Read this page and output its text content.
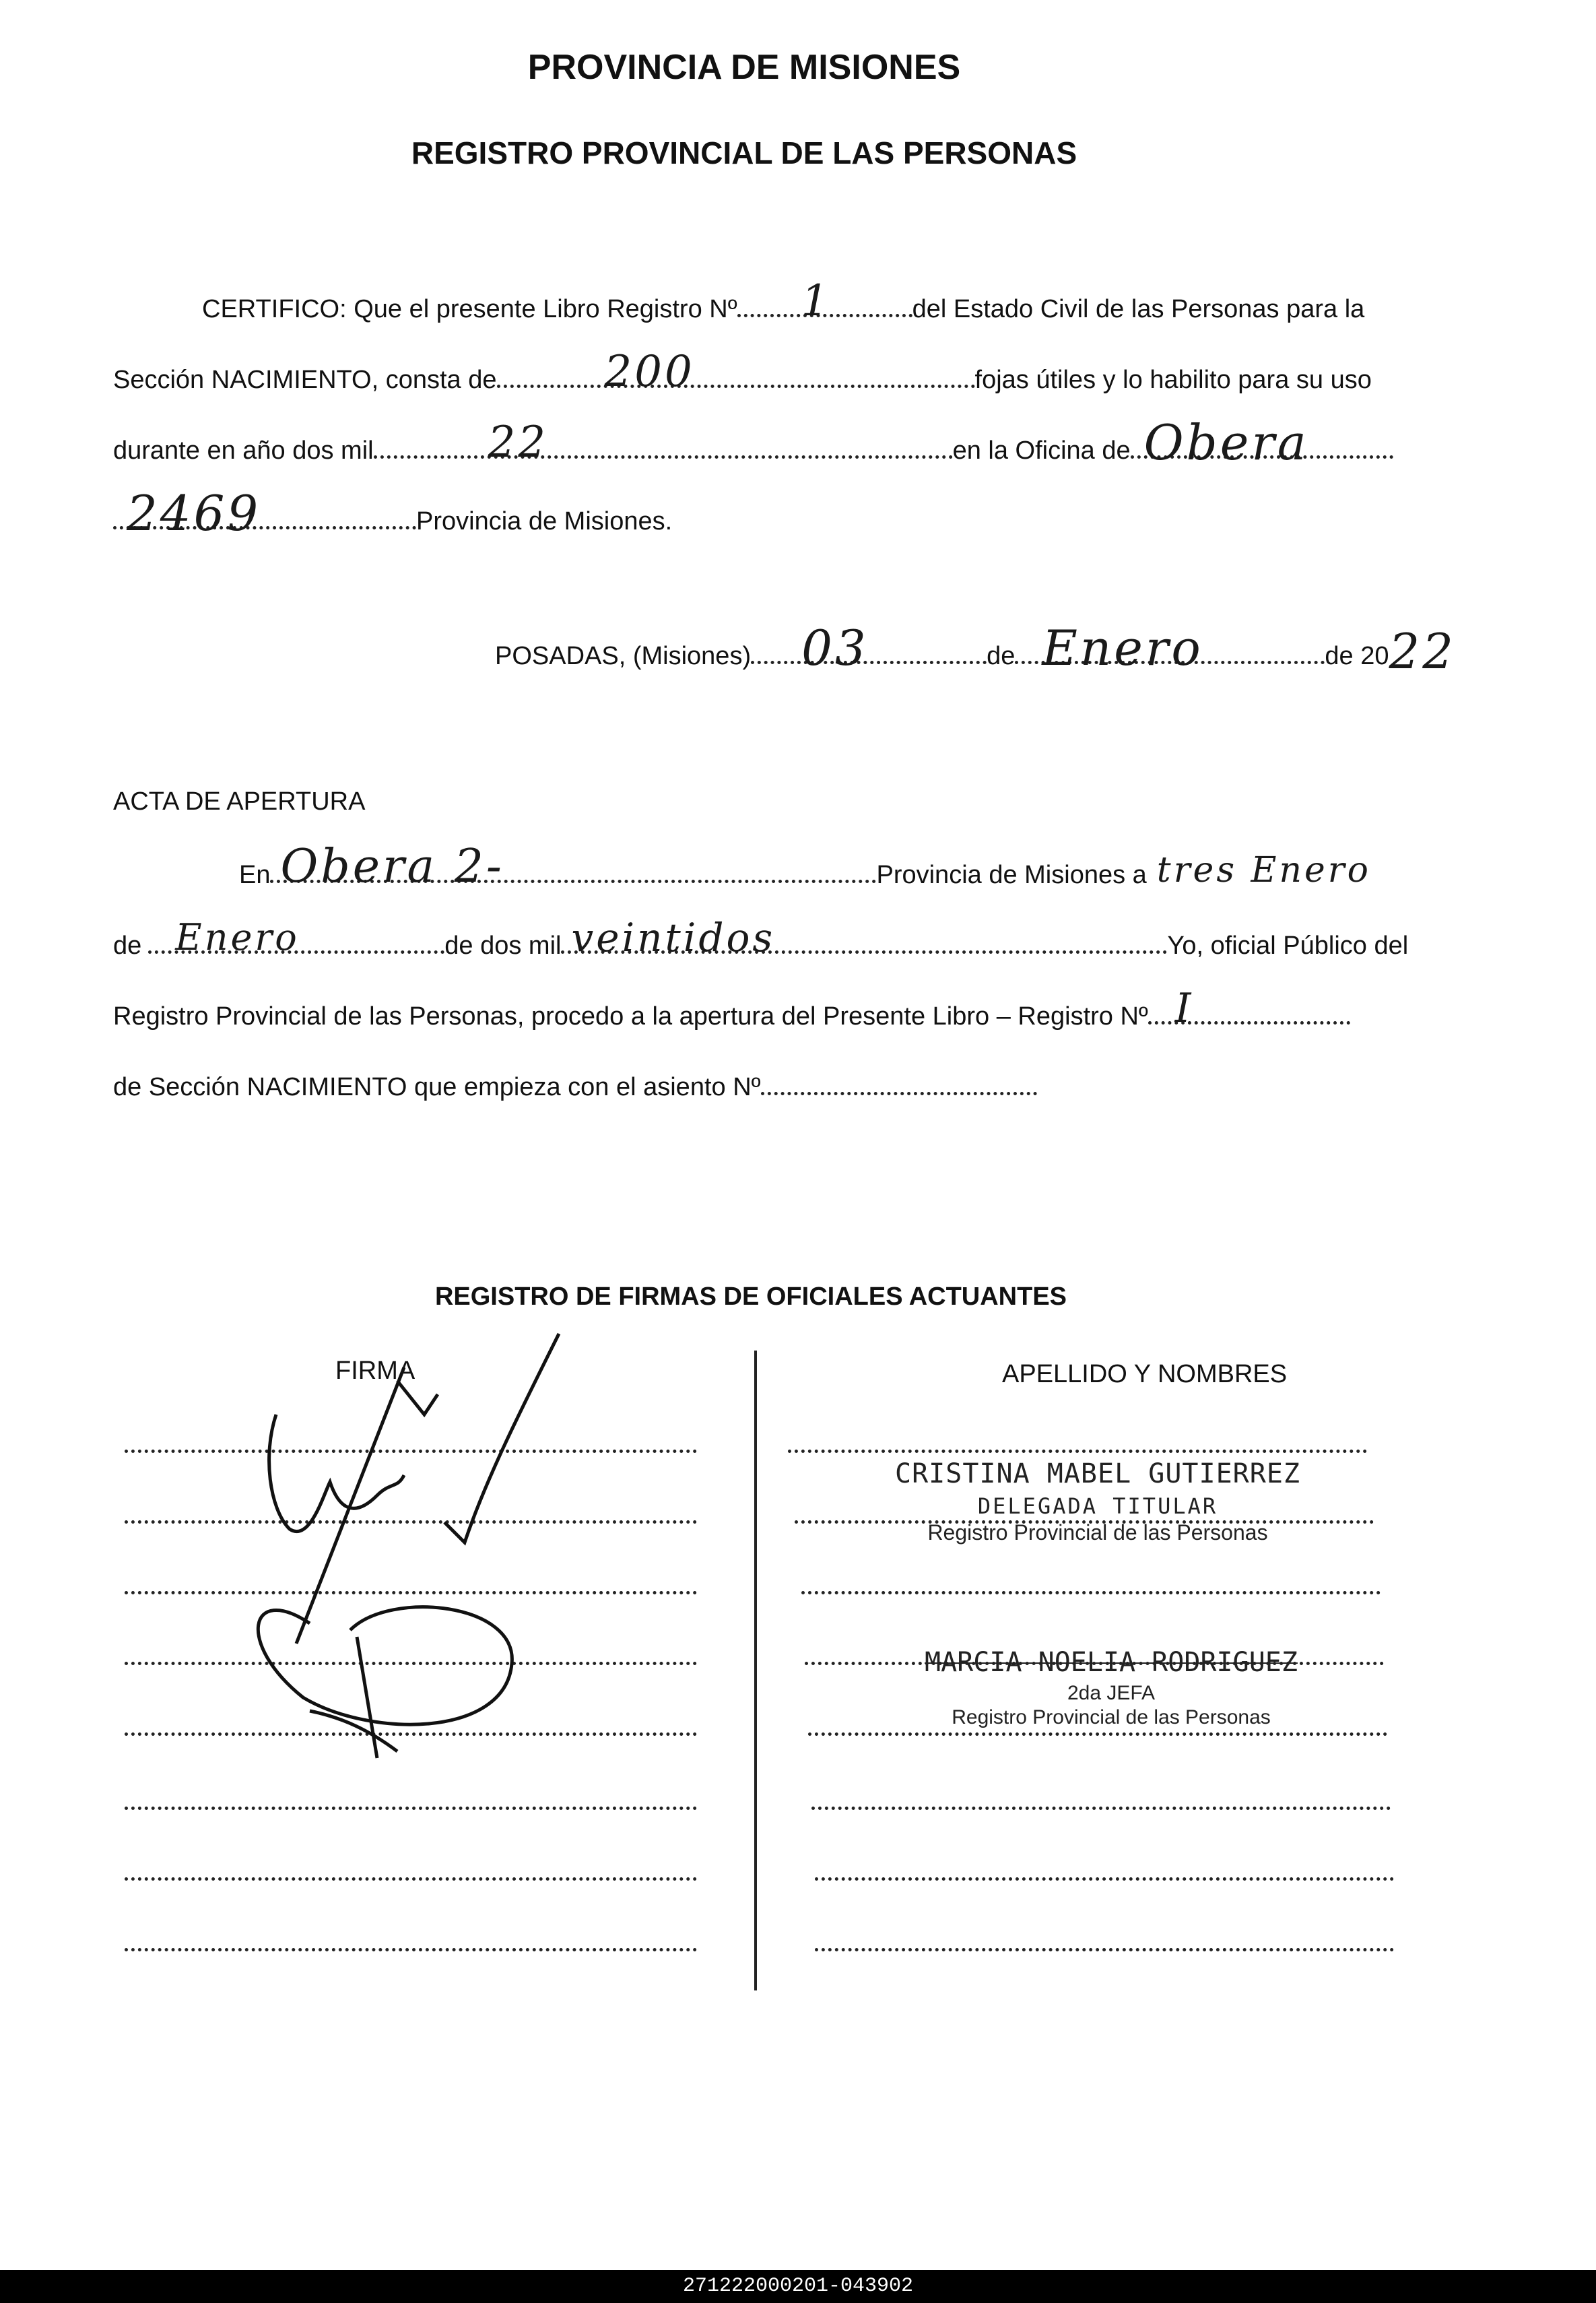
PROVINCIA DE MISIONES
REGISTRO PROVINCIAL DE LAS PERSONAS
CERTIFICO: Que el presente Libro Registro Nº 1	del Estado Civil de las Personas para la
Sección NACIMIENTO, consta de	200	fojas útiles y lo habilito para su uso
durante en año dos mil	22	en la Oficina de Obera
2469	Provincia de Misiones.
POSADAS, (Misiones) 03	de Enero	de 20 22
ACTA DE APERTURA
En Obera 2-	Provincia de Misiones a tres Enero
de Enero	de dos mil veintidos	Yo, oficial Público del
Registro Provincial de las Personas, procedo a la apertura del Presente Libro – Registro Nº I
de Sección NACIMIENTO que empieza con el asiento Nº
REGISTRO DE FIRMAS DE OFICIALES ACTUANTES
FIRMA	APELLIDO Y NOMBRES
CRISTINA MABEL GUTIERREZ
DELEGADA TITULAR
Registro Provincial de las Personas
MARCIA NOELIA RODRIGUEZ
2da JEFA
Registro Provincial de las Personas
271222000201-043902
